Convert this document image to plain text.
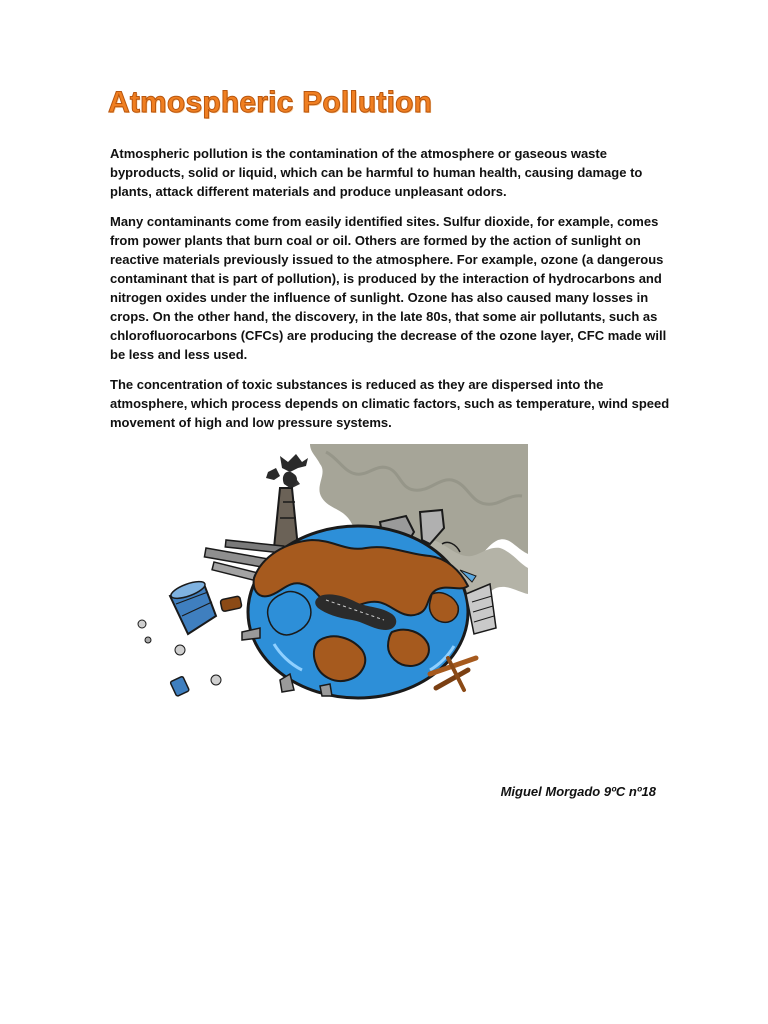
Atmospheric Pollution

Atmospheric pollution is the contamination of the atmosphere or gaseous waste byproducts, solid or liquid, which can be harmful to human health, causing damage to plants, attack different materials and produce unpleasant odors.

Many contaminants come from easily identified sites. Sulfur dioxide, for example, comes from power plants that burn coal or oil. Others are formed by the action of sunlight on reactive materials previously issued to the atmosphere. For example, ozone (a dangerous contaminant that is part of pollution), is produced by the interaction of hydrocarbons and nitrogen oxides under the influence of sunlight. Ozone has also caused many losses in crops. On the other hand, the discovery, in the late 80s, that some air pollutants, such as chlorofluorocarbons (CFCs) are producing the decrease of the ozone layer, CFC made will be less and less used.

The concentration of toxic substances is reduced as they are dispersed into the atmosphere, which process depends on climatic factors, such as temperature, wind speed movement of high and low pressure systems.

Miguel Morgado 9ºC nº18
